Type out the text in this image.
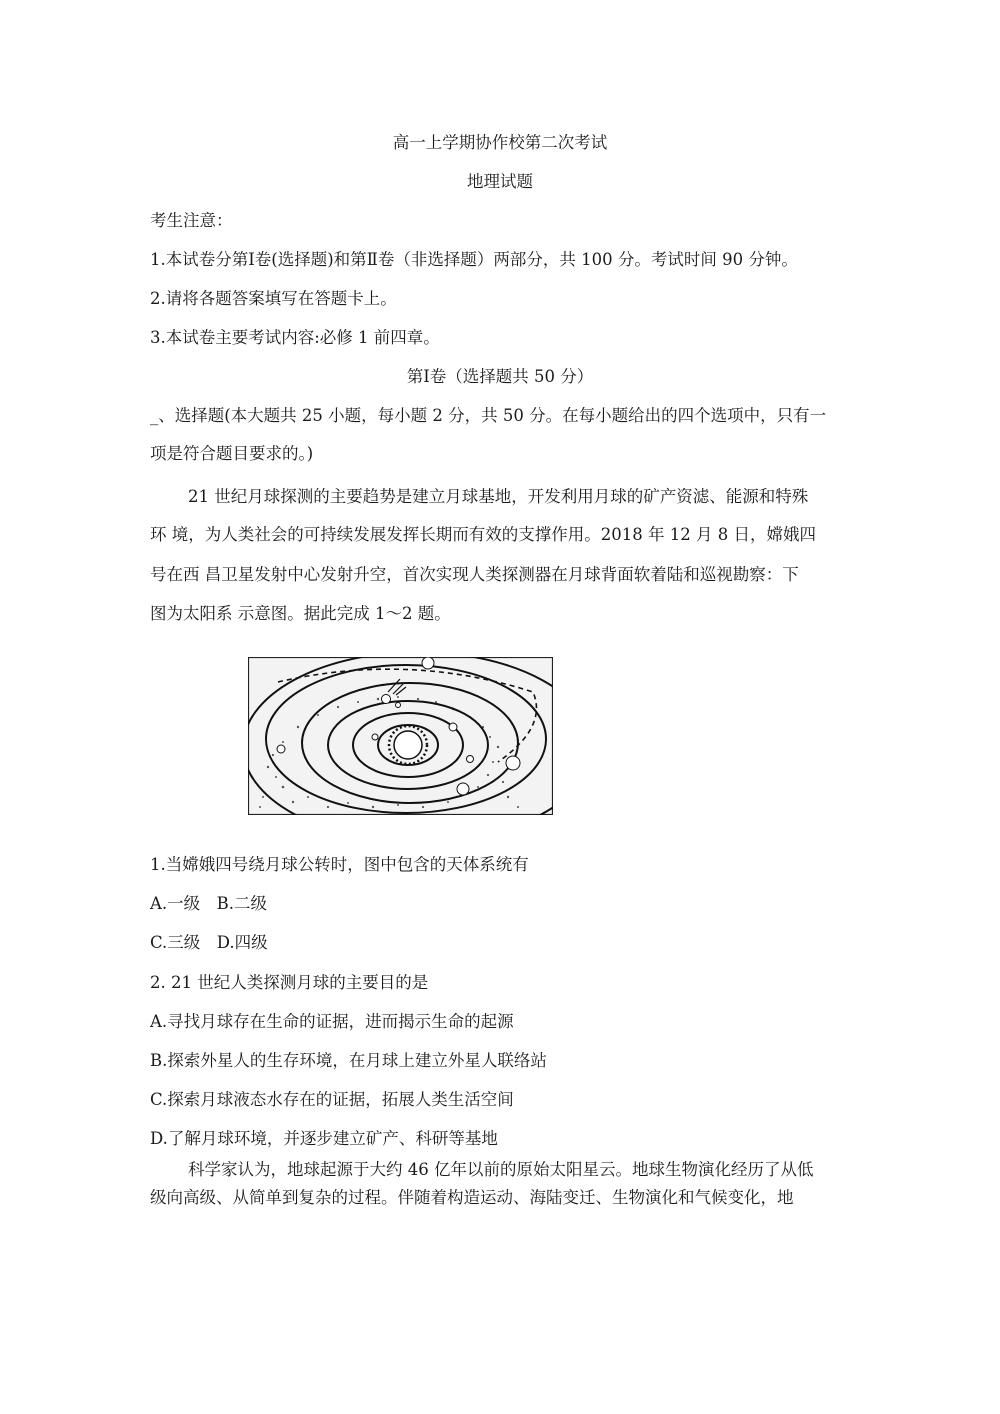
高一上学期协作校第二次考试
地理试题
考生注意：
1.本试卷分第Ⅰ卷(选择题)和第Ⅱ卷（非选择题）两部分，共 100 分。考试时间 90 分钟。
2.请将各题答案填写在答题卡上。
3.本试卷主要考试内容:必修 1 前四章。
第Ⅰ卷（选择题共 50 分）
_、选择题(本大题共 25 小题，每小题 2 分，共 50 分。在每小题给出的四个选项中，只有一
项是符合题目要求的。)
21 世纪月球探测的主要趋势是建立月球基地，开发利用月球的矿产资滤、能源和特殊
环 境，为人类社会的可持续发展发挥长期而有效的支撑作用。2018 年 12 月 8 日，嫦娥四
号在西 昌卫星发射中心发射升空，首次实现人类探测器在月球背面软着陆和巡视勘察：下
图为太阳系 示意图。据此完成 1～2 题。
1.当嫦娥四号绕月球公转时，图中包含的天体系统有
A.一级　B.二级
C.三级　D.四级
2. 21 世纪人类探测月球的主要目的是
A.寻找月球存在生命的证据，进而揭示生命的起源
B.探索外星人的生存环境，在月球上建立外星人联络站
C.探索月球液态水存在的证据，拓展人类生活空间
D.了解月球环境，并逐步建立矿产、科研等基地
科学家认为，地球起源于大约 46 亿年以前的原始太阳星云。地球生物演化经历了从低
级向高级、从简单到复杂的过程。伴随着构造运动、海陆变迁、生物演化和气候变化，地
